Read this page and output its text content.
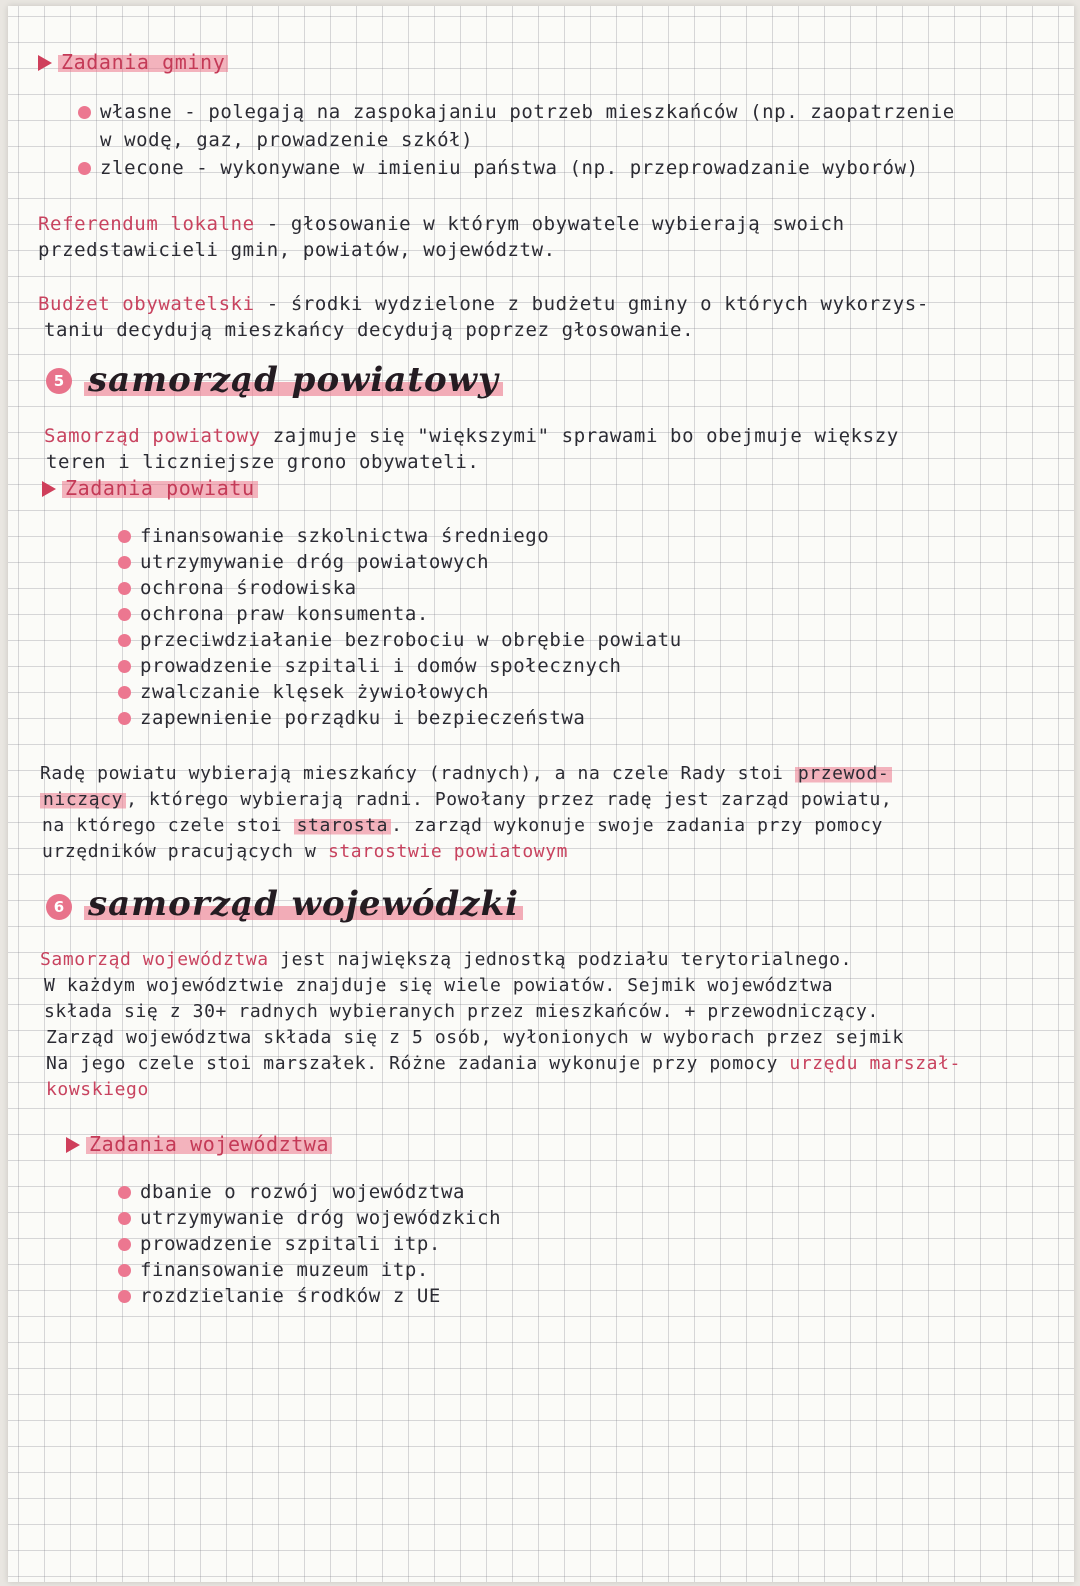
Zadania gminy
własne - polegają na zaspokajaniu potrzeb mieszkańców (np. zaopatrzenie
w wodę, gaz, prowadzenie szkół)
zlecone - wykonywane w imieniu państwa (np. przeprowadzanie wyborów)
Referendum lokalne - głosowanie w którym obywatele wybierają swoich
przedstawicieli gmin, powiatów, województw.
Budżet obywatelski - środki wydzielone z budżetu gminy o których wykorzys-
taniu decydują mieszkańcy decydują poprzez głosowanie.
5 samorząd powiatowy
Samorząd powiatowy zajmuje się "większymi" sprawami bo obejmuje większy
teren i liczniejsze grono obywateli.
Zadania powiatu
finansowanie szkolnictwa średniego
utrzymywanie dróg powiatowych
ochrona środowiska
ochrona praw konsumenta.
przeciwdziałanie bezrobociu w obrębie powiatu
prowadzenie szpitali i domów społecznych
zwalczanie klęsek żywiołowych
zapewnienie porządku i bezpieczeństwa
Radę powiatu wybierają mieszkańcy (radnych), a na czele Rady stoi przewod-
niczący , którego wybierają radni. Powołany przez radę jest zarząd powiatu,
na którego czele stoi starosta . zarząd wykonuje swoje zadania przy pomocy
urzędników pracujących w starostwie powiatowym
6 samorząd wojewódzki
Samorząd województwa jest największą jednostką podziału terytorialnego.
W każdym województwie znajduje się wiele powiatów. Sejmik województwa
składa się z 30+ radnych wybieranych przez mieszkańców. + przewodniczący.
Zarząd województwa składa się z 5 osób, wyłonionych w wyborach przez sejmik
Na jego czele stoi marszałek. Różne zadania wykonuje przy pomocy urzędu marszał-
kowskiego
Zadania województwa
dbanie o rozwój województwa
utrzymywanie dróg wojewódzkich
prowadzenie szpitali itp.
finansowanie muzeum itp.
rozdzielanie środków z UE
